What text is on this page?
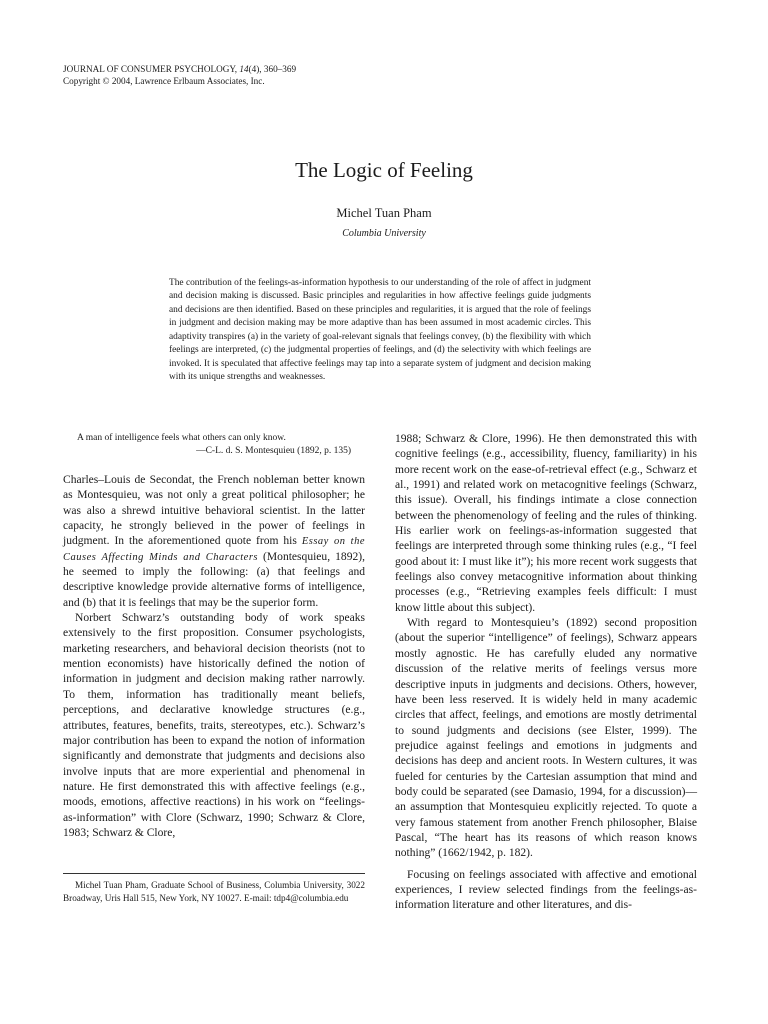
JOURNAL OF CONSUMER PSYCHOLOGY, 14(4), 360–369
Copyright © 2004, Lawrence Erlbaum Associates, Inc.
The Logic of Feeling
Michel Tuan Pham
Columbia University
The contribution of the feelings-as-information hypothesis to our understanding of the role of affect in judgment and decision making is discussed. Basic principles and regularities in how affective feelings guide judgments and decisions are then identified. Based on these principles and regularities, it is argued that the role of feelings in judgment and decision making may be more adaptive than has been assumed in most academic circles. This adaptivity transpires (a) in the variety of goal-relevant signals that feelings convey, (b) the flexibility with which feelings are interpreted, (c) the judgmental properties of feelings, and (d) the selectivity with which feelings are invoked. It is speculated that affective feelings may tap into a separate system of judgment and decision making with its unique strengths and weaknesses.
A man of intelligence feels what others can only know.
—C-L. d. S. Montesquieu (1892, p. 135)

Charles–Louis de Secondat, the French nobleman better known as Montesquieu, was not only a great political philosopher; he was also a shrewd intuitive behavioral scientist. In the latter capacity, he strongly believed in the power of feelings in judgment. In the aforementioned quote from his Essay on the Causes Affecting Minds and Characters (Montesquieu, 1892), he seemed to imply the following: (a) that feelings and descriptive knowledge provide alternative forms of intelligence, and (b) that it is feelings that may be the superior form.

Norbert Schwarz’s outstanding body of work speaks extensively to the first proposition. Consumer psychologists, marketing researchers, and behavioral decision theorists (not to mention economists) have historically defined the notion of information in judgment and decision making rather narrowly. To them, information has traditionally meant beliefs, perceptions, and declarative knowledge structures (e.g., attributes, features, benefits, traits, stereotypes, etc.). Schwarz’s major contribution has been to expand the notion of information significantly and demonstrate that judgments and decisions also involve inputs that are more experiential and phenomenal in nature. He first demonstrated this with affective feelings (e.g., moods, emotions, affective reactions) in his work on “feelings-as-information” with Clore (Schwarz, 1990; Schwarz & Clore, 1983; Schwarz & Clore,

1988; Schwarz & Clore, 1996). He then demonstrated this with cognitive feelings (e.g., accessibility, fluency, familiarity) in his more recent work on the ease-of-retrieval effect (e.g., Schwarz et al., 1991) and related work on metacognitive feelings (Schwarz, this issue). Overall, his findings intimate a close connection between the phenomenology of feeling and the rules of thinking. His earlier work on feelings-as-information suggested that feelings are interpreted through some thinking rules (e.g., “I feel good about it: I must like it”); his more recent work suggests that feelings also convey metacognitive information about thinking processes (e.g., “Retrieving examples feels difficult: I must know little about this subject).

With regard to Montesquieu’s (1892) second proposition (about the superior “intelligence” of feelings), Schwarz appears mostly agnostic. He has carefully eluded any normative discussion of the relative merits of feelings versus more descriptive inputs in judgments and decisions. Others, however, have been less reserved. It is widely held in many academic circles that affect, feelings, and emotions are mostly detrimental to sound judgments and decisions (see Elster, 1999). The prejudice against feelings and emotions in judgments and decisions has deep and ancient roots. In Western cultures, it was fueled for centuries by the Cartesian assumption that mind and body could be separated (see Damasio, 1994, for a discussion)—an assumption that Montesquieu explicitly rejected. To quote a very famous statement from another French philosopher, Blaise Pascal, “The heart has its reasons of which reason knows nothing” (1662/1942, p. 182).

Focusing on feelings associated with affective and emotional experiences, I review selected findings from the feelings-as-information literature and other literatures, and dis-

Michel Tuan Pham, Graduate School of Business, Columbia University, 3022 Broadway, Uris Hall 515, New York, NY 10027. E-mail: tdp4@columbia.edu
